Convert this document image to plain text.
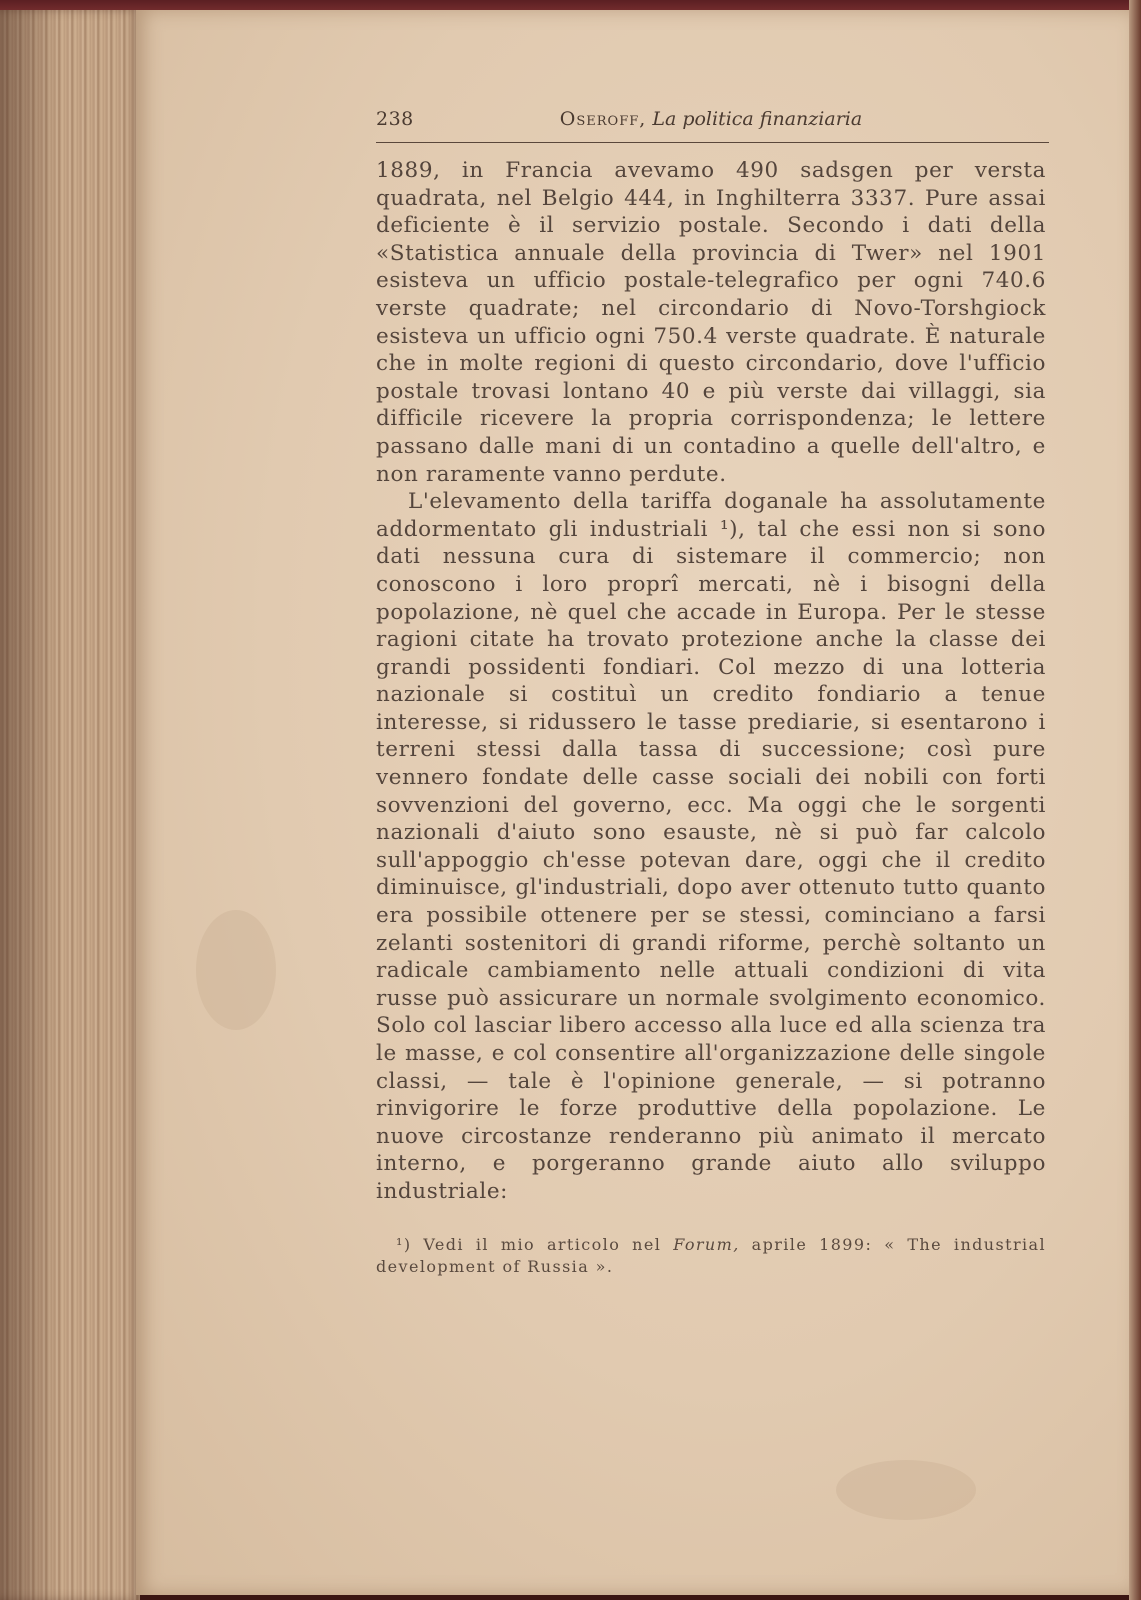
238	Oseroff, La politica finanziaria

1889, in Francia avevamo 490 sadsgen per versta quadrata, nel Belgio 444, in Inghilterra 3337. Pure assai deficiente è il servizio postale. Secondo i dati della «Statistica annuale della provincia di Twer» nel 1901 esisteva un ufficio postale-telegrafico per ogni 740.6 verste quadrate; nel circondario di Novo-Torshgiock esisteva un ufficio ogni 750.4 verste quadrate. È naturale che in molte regioni di questo circondario, dove l'ufficio postale trovasi lontano 40 e più verste dai villaggi, sia difficile ricevere la propria corrispondenza; le lettere passano dalle mani di un contadino a quelle dell'altro, e non raramente vanno perdute.

L'elevamento della tariffa doganale ha assolutamente addormentato gli industriali ¹), tal che essi non si sono dati nessuna cura di sistemare il commercio; non conoscono i loro proprî mercati, nè i bisogni della popolazione, nè quel che accade in Europa. Per le stesse ragioni citate ha trovato protezione anche la classe dei grandi possidenti fondiari. Col mezzo di una lotteria nazionale si costituì un credito fondiario a tenue interesse, si ridussero le tasse prediarie, si esentarono i terreni stessi dalla tassa di successione; così pure vennero fondate delle casse sociali dei nobili con forti sovvenzioni del governo, ecc. Ma oggi che le sorgenti nazionali d'aiuto sono esauste, nè si può far calcolo sull'appoggio ch'esse potevan dare, oggi che il credito diminuisce, gl'industriali, dopo aver ottenuto tutto quanto era possibile ottenere per se stessi, cominciano a farsi zelanti sostenitori di grandi riforme, perchè soltanto un radicale cambiamento nelle attuali condizioni di vita russe può assicurare un normale svolgimento economico. Solo col lasciar libero accesso alla luce ed alla scienza tra le masse, e col consentire all'organizzazione delle singole classi, — tale è l'opinione generale, — si potranno rinvigorire le forze produttive della popolazione. Le nuove circostanze renderanno più animato il mercato interno, e porgeranno grande aiuto allo sviluppo industriale:

¹) Vedi il mio articolo nel Forum, aprile 1899: « The industrial development of Russia ».
